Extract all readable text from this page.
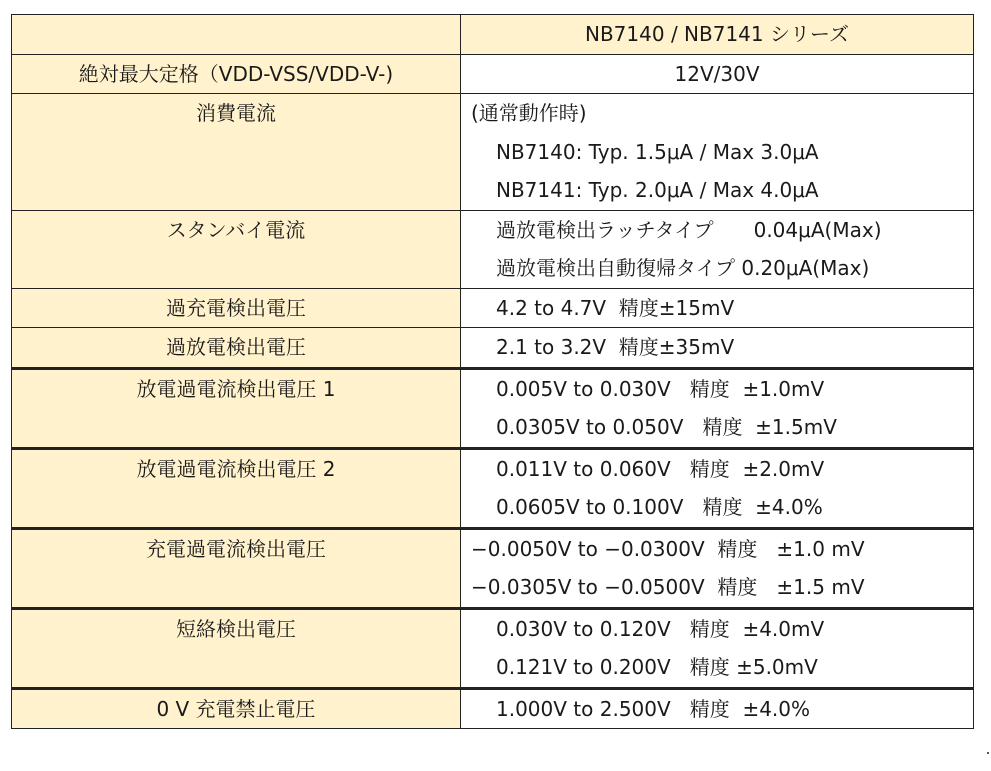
	NB7140 / NB7141 シリーズ

絶対最大定格（VDD-VSS/VDD-V-)	12V/30V

消費電流	(通常動作時)
NB7140: Typ. 1.5μA / Max 3.0μA
NB7141: Typ. 2.0μA / Max 4.0μA

スタンバイ電流	過放電検出ラッチタイプ　　0.04μA(Max)
過放電検出自動復帰タイプ 0.20μA(Max)

過充電検出電圧	4.2 to 4.7V  精度±15mV

過放電検出電圧	2.1 to 3.2V  精度±35mV

放電過電流検出電圧 1	0.005V to 0.030V   精度  ±1.0mV
0.0305V to 0.050V   精度  ±1.5mV

放電過電流検出電圧 2	0.011V to 0.060V   精度  ±2.0mV
0.0605V to 0.100V   精度  ±4.0%

充電過電流検出電圧	−0.0050V to −0.0300V  精度   ±1.0 mV
−0.0305V to −0.0500V  精度   ±1.5 mV

短絡検出電圧	0.030V to 0.120V   精度  ±4.0mV
0.121V to 0.200V   精度 ±5.0mV

0 V 充電禁止電圧	1.000V to 2.500V   精度  ±4.0%
